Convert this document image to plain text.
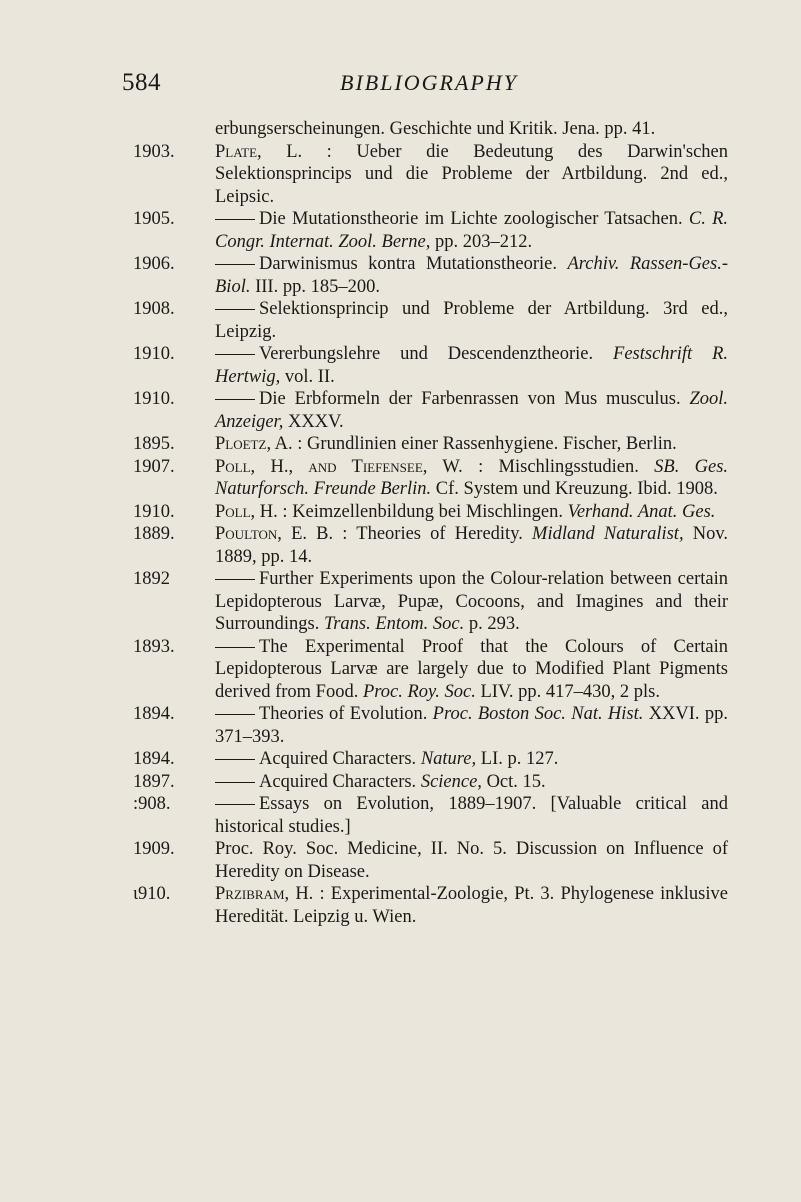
584	BIBLIOGRAPHY
erbungserscheinungen. Geschichte und Kritik. Jena. pp. 41.
1903. Plate, L. : Ueber die Bedeutung des Darwin'schen Selektionsprincips und die Probleme der Artbildung. 2nd ed., Leipsic.
1905.	Die Mutationstheorie im Lichte zoologischer Tatsachen. C. R. Congr. Internat. Zool. Berne, pp. 203–212.
1906.	Darwinismus kontra Mutationstheorie. Archiv. Rassen-Ges.-Biol. III. pp. 185–200.
1908.	Selektionsprincip und Probleme der Artbildung. 3rd ed., Leipzig.
1910.	Vererbungslehre und Descendenztheorie. Festschrift R. Hertwig, vol. II.
1910.	Die Erbformeln der Farbenrassen von Mus musculus. Zool. Anzeiger, XXXV.
1895. Ploetz, A. : Grundlinien einer Rassenhygiene. Fischer, Berlin.
1907. Poll, H., and Tiefensee, W. : Mischlingsstudien. SB. Ges. Naturforsch. Freunde Berlin. Cf. System und Kreuzung. Ibid. 1908.
1910. Poll, H. : Keimzellenbildung bei Mischlingen. Verhand. Anat. Ges.
1889. Poulton, E. B. : Theories of Heredity. Midland Naturalist, Nov. 1889, pp. 14.
1892	Further Experiments upon the Colour-relation between certain Lepidopterous Larvæ, Pupæ, Cocoons, and Imagines and their Surroundings. Trans. Entom. Soc. p. 293.
1893.	The Experimental Proof that the Colours of Certain Lepidopterous Larvæ are largely due to Modified Plant Pigments derived from Food. Proc. Roy. Soc. LIV. pp. 417–430, 2 pls.
1894.	Theories of Evolution. Proc. Boston Soc. Nat. Hist. XXVI. pp. 371–393.
1894.	Acquired Characters. Nature, LI. p. 127.
1897.	Acquired Characters. Science, Oct. 15.
:908.	Essays on Evolution, 1889–1907. [Valuable critical and historical studies.]
1909. Proc. Roy. Soc. Medicine, II. No. 5. Discussion on Influence of Heredity on Disease.
ι910. Przibram, H. : Experimental-Zoologie, Pt. 3. Phylogenese inklusive Heredität. Leipzig u. Wien.
